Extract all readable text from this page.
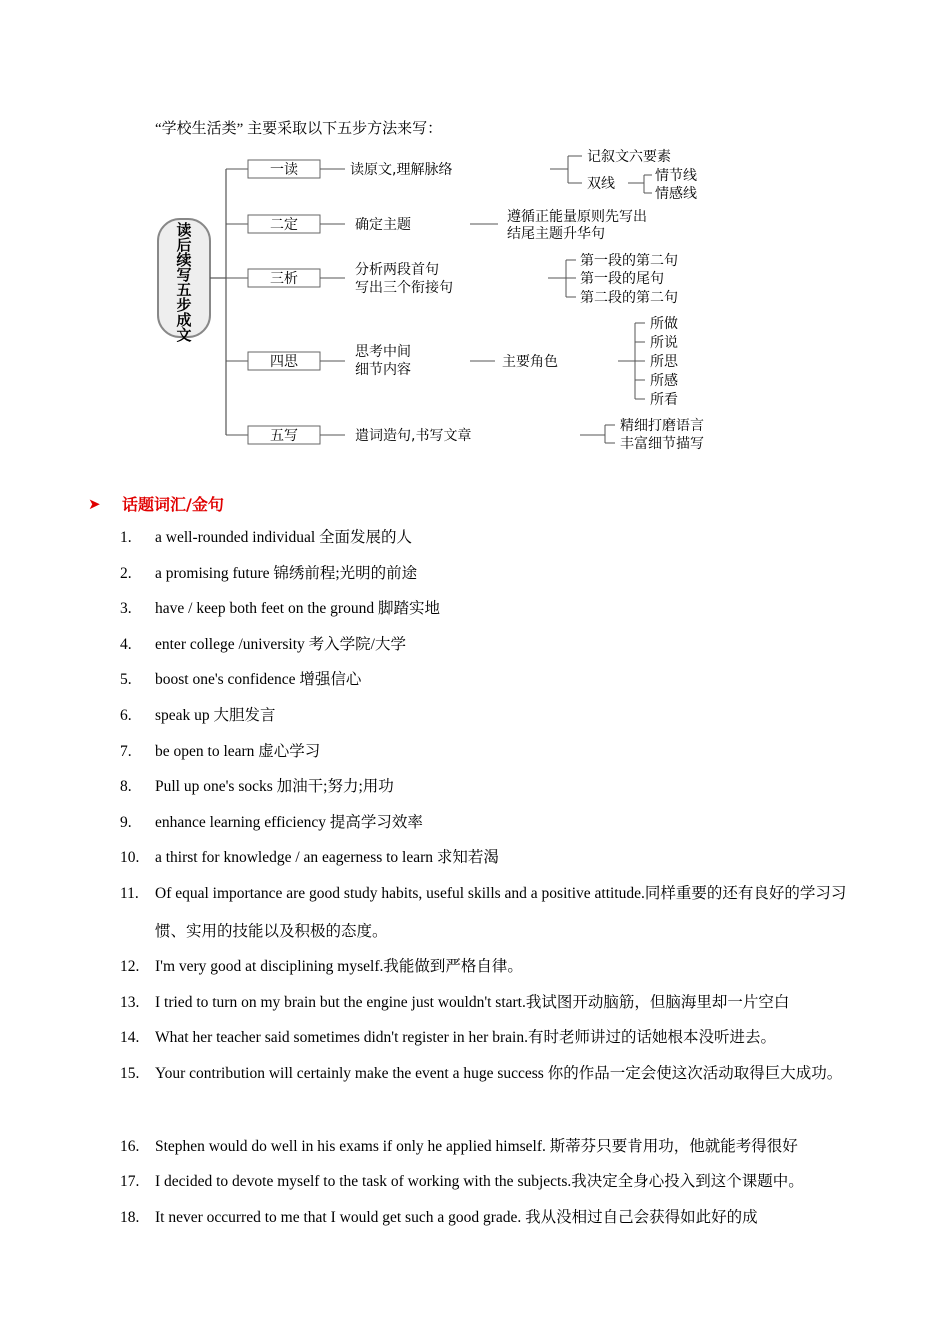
“学校生活类” 主要采取以下五步方法来写：
读
后
续
写
五
步
成
文
一读
二定
三析
四思
五写
读原文,理解脉络
记叙文六要素
双线	情节线
情感线
确定主题	遵循正能量原则先写出
结尾主题升华句
分析两段首句
写出三个衔接句
第一段的第二句
第一段的尾句
第二段的第二句
思考中间
细节内容	主要角色
所做
所说
所思
所感
所看
遣词造句,书写文章
精细打磨语言
丰富细节描写
➤	话题词汇/金句
1.	a well-rounded individual 全面发展的人
2.	a promising future 锦绣前程;光明的前途
3.	have / keep both feet on the ground 脚踏实地
4.	enter college /university 考入学院/大学
5.	boost one's confidence 增强信心
6.	speak up 大胆发言
7.	be open to learn 虚心学习
8.	Pull up one's socks 加油干;努力;用功
9.	enhance learning efficiency 提高学习效率
10.	a thirst for knowledge / an eagerness to learn 求知若渴
11.	Of equal importance are good study habits, useful skills and a positive attitude.同样重要的还有良好的学习习惯、实用的技能以及积极的态度。
12.	I'm very good at disciplining myself.我能做到严格自律。
13.	I tried to turn on my brain but the engine just wouldn't start.我试图开动脑筋，但脑海里却一片空白
14.	What her teacher said sometimes didn't register in her brain.有时老师讲过的话她根本没听进去。
15.	Your contribution will certainly make the event a huge success 你的作品一定会使这次活动取得巨大成功。
16.	Stephen would do well in his exams if only he applied himself. 斯蒂芬只要肯用功，他就能考得很好
17.	I decided to devote myself to the task of working with the subjects.我决定全身心投入到这个课题中。
18.	It never occurred to me that I would get such a good grade. 我从没相过自己会获得如此好的成
